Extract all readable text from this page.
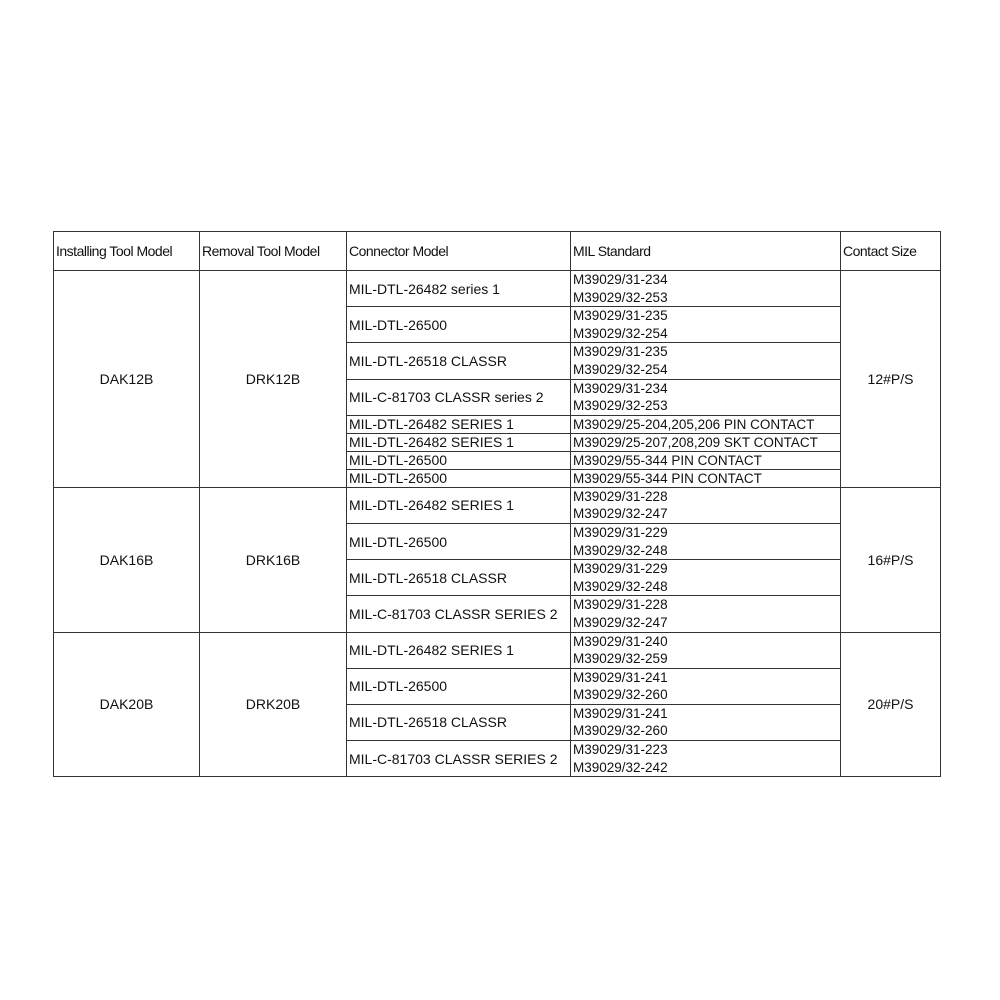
Installing Tool Model	Removal Tool Model	Connector Model	MIL Standard	Contact Size
DAK12B	DRK12B	MIL-DTL-26482 series 1	M39029/31-234
M39029/32-253	12#P/S
		MIL-DTL-26500	M39029/31-235
M39029/32-254	

		MIL-DTL-26518 CLASSR	M39029/31-235
M39029/32-254	

		MIL-C-81703 CLASSR series 2	M39029/31-234
M39029/32-253	

		MIL-DTL-26482 SERIES 1	M39029/25-204,205,206 PIN CONTACT	

		MIL-DTL-26482 SERIES 1	M39029/25-207,208,209 SKT CONTACT	

		MIL-DTL-26500	M39029/55-344 PIN CONTACT	

		MIL-DTL-26500	M39029/55-344 PIN CONTACT	

DAK16B	DRK16B	MIL-DTL-26482 SERIES 1	M39029/31-228
M39029/32-247	16#P/S
		MIL-DTL-26500	M39029/31-229
M39029/32-248	

		MIL-DTL-26518 CLASSR	M39029/31-229
M39029/32-248	

		MIL-C-81703 CLASSR SERIES 2	M39029/31-228
M39029/32-247	

DAK20B	DRK20B	MIL-DTL-26482 SERIES 1	M39029/31-240
M39029/32-259	20#P/S
		MIL-DTL-26500	M39029/31-241
M39029/32-260	

		MIL-DTL-26518 CLASSR	M39029/31-241
M39029/32-260	

		MIL-C-81703 CLASSR SERIES 2	M39029/31-223
M39029/32-242	
